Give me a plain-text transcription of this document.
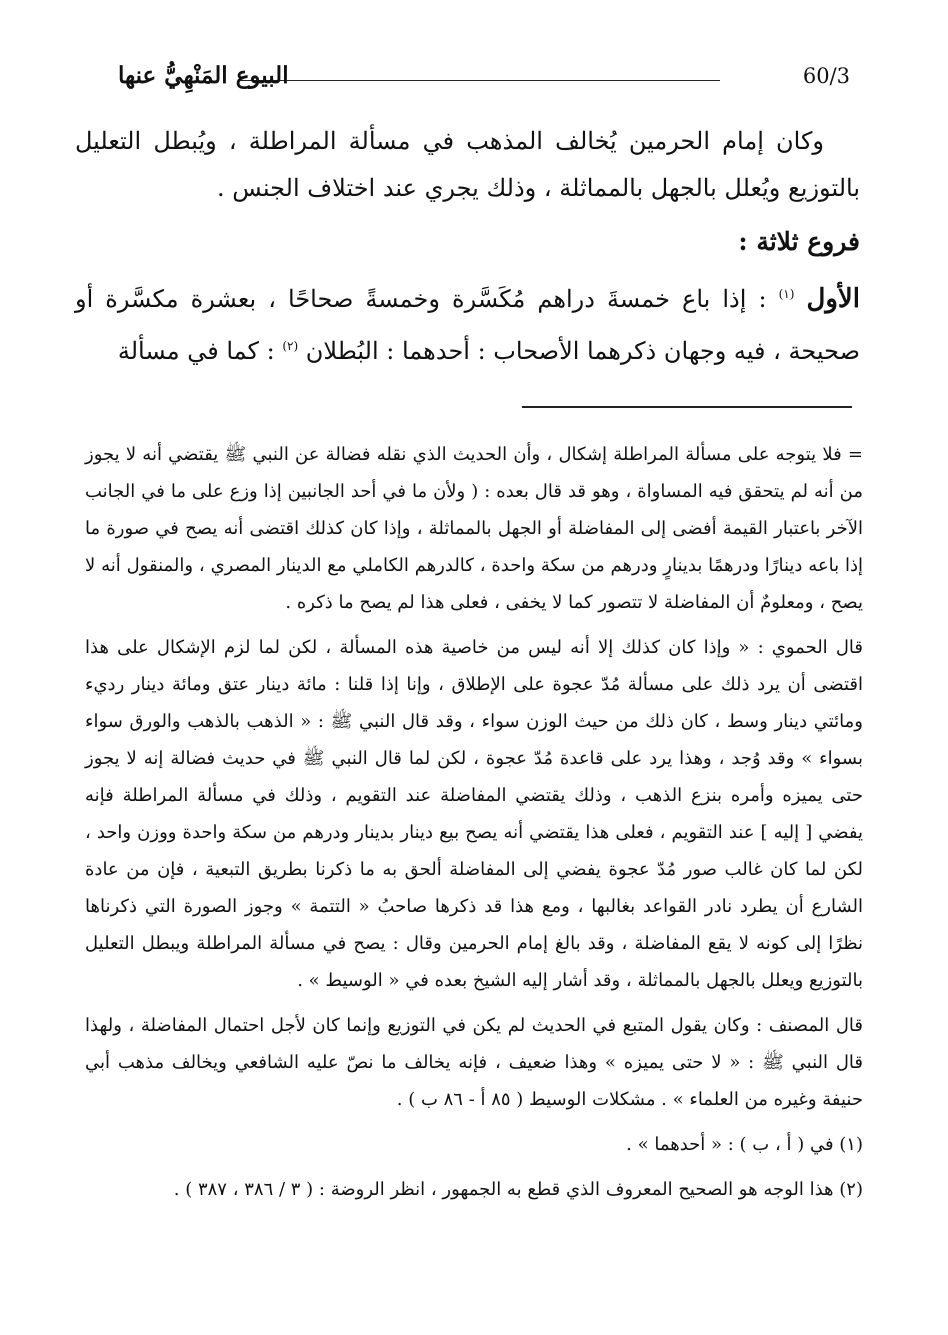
60/3
البيوع المَنْهِيُّ عنها

وكان إمام الحرمين يُخالف المذهب في مسألة المراطلة ، ويُبطل التعليل بالتوزيع ويُعلل بالجهل بالمماثلة ، وذلك يجري عند اختلاف الجنس .

فروع ثلاثة :

الأول $^{(١)}$ : إذا باع خمسةَ دراهم مُكَسَّرة وخمسةً صحاحًا ، بعشرة مكسَّرة أو صحيحة ، فيه وجهان ذكرهما الأصحاب : أحدهما : البُطلان $^{(٢)}$ : كما في مسألة

= فلا يتوجه على مسألة المراطلة إشكال ، وأن الحديث الذي نقله فضالة عن النبي ﷺ يقتضي أنه لا يجوز من أنه لم يتحقق فيه المساواة ، وهو قد قال بعده : ( ولأن ما في أحد الجانبين إذا وزع على ما في الجانب الآخر باعتبار القيمة أفضى إلى المفاضلة أو الجهل بالمماثلة ، وإذا كان كذلك اقتضى أنه يصح في صورة ما إذا باعه دينارًا ودرهمًا بدينارٍ ودرهم من سكة واحدة ، كالدرهم الكاملي مع الدينار المصري ، والمنقول أنه لا يصح ، ومعلومٌ أن المفاضلة لا تتصور كما لا يخفى ، فعلى هذا لم يصح ما ذكره .

قال الحموي : « وإذا كان كذلك إلا أنه ليس من خاصية هذه المسألة ، لكن لما لزم الإشكال على هذا اقتضى أن يرد ذلك على مسألة مُدّ عجوة على الإطلاق ، وإنا إذا قلنا : مائة دينار عتق ومائة دينار رديء ومائتي دينار وسط ، كان ذلك من حيث الوزن سواء ، وقد قال النبي ﷺ : « الذهب بالذهب والورق سواء بسواء » وقد وُجد ، وهذا يرد على قاعدة مُدّ عجوة ، لكن لما قال النبي ﷺ في حديث فضالة إنه لا يجوز حتى يميزه وأمره بنزع الذهب ، وذلك يقتضي المفاضلة عند التقويم ، وذلك في مسألة المراطلة فإنه يفضي [ إليه ] عند التقويم ، فعلى هذا يقتضي أنه يصح بيع دينار بدينار ودرهم من سكة واحدة ووزن واحد ، لكن لما كان غالب صور مُدّ عجوة يفضي إلى المفاضلة ألحق به ما ذكرنا بطريق التبعية ، فإن من عادة الشارع أن يطرد نادر القواعد بغالبها ، ومع هذا قد ذكرها صاحبُ « التتمة » وجوز الصورة التي ذكرناها نظرًا إلى كونه لا يقع المفاضلة ، وقد بالغ إمام الحرمين وقال : يصح في مسألة المراطلة ويبطل التعليل بالتوزيع ويعلل بالجهل بالمماثلة ، وقد أشار إليه الشيخ بعده في « الوسيط » .

قال المصنف : وكان يقول المتبع في الحديث لم يكن في التوزيع وإنما كان لأجل احتمال المفاضلة ، ولهذا قال النبي ﷺ : « لا حتى يميزه » وهذا ضعيف ، فإنه يخالف ما نصّ عليه الشافعي ويخالف مذهب أبي حنيفة وغيره من العلماء » . مشكلات الوسيط ( ٨٥ أ - ٨٦ ب ) .

(١) في ( أ ، ب ) : « أحدهما » .

(٢) هذا الوجه هو الصحيح المعروف الذي قطع به الجمهور ، انظر الروضة : ( ٣ / ٣٨٦ ، ٣٨٧ ) .
